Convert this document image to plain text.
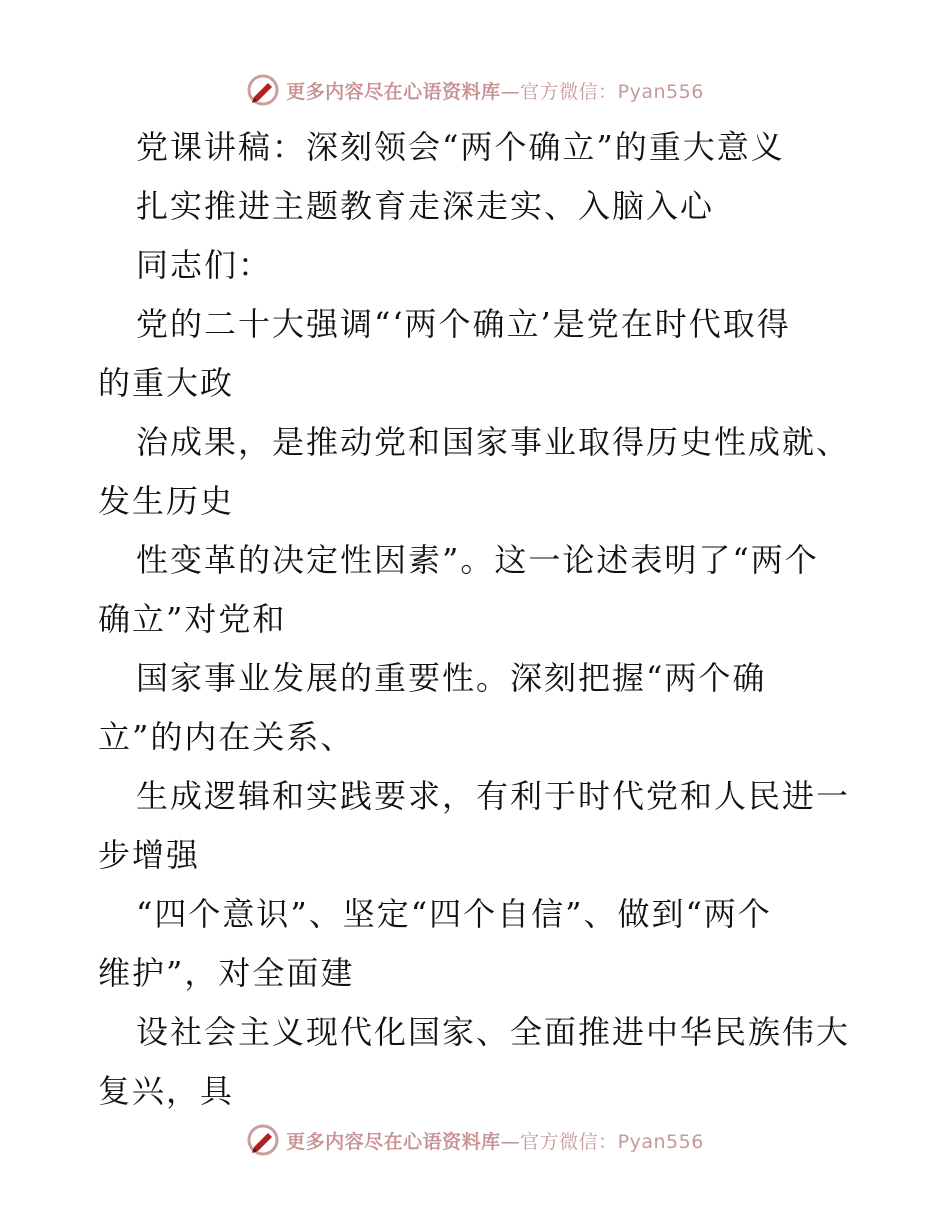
更多内容尽在心语资料库—官方微信：Pyan556
党课讲稿：深刻领会“两个确立”的重大意义
扎实推进主题教育走深走实、入脑入心
同志们：
党的二十大强调“‘两个确立’是党在时代取得
的重大政
治成果，是推动党和国家事业取得历史性成就、
发生历史
性变革的决定性因素”。这一论述表明了“两个
确立”对党和
国家事业发展的重要性。深刻把握“两个确
立”的内在关系、
生成逻辑和实践要求，有利于时代党和人民进一
步增强
“四个意识”、坚定“四个自信”、做到“两个
维护”，对全面建
设社会主义现代化国家、全面推进中华民族伟大
复兴，具
更多内容尽在心语资料库—官方微信：Pyan556
